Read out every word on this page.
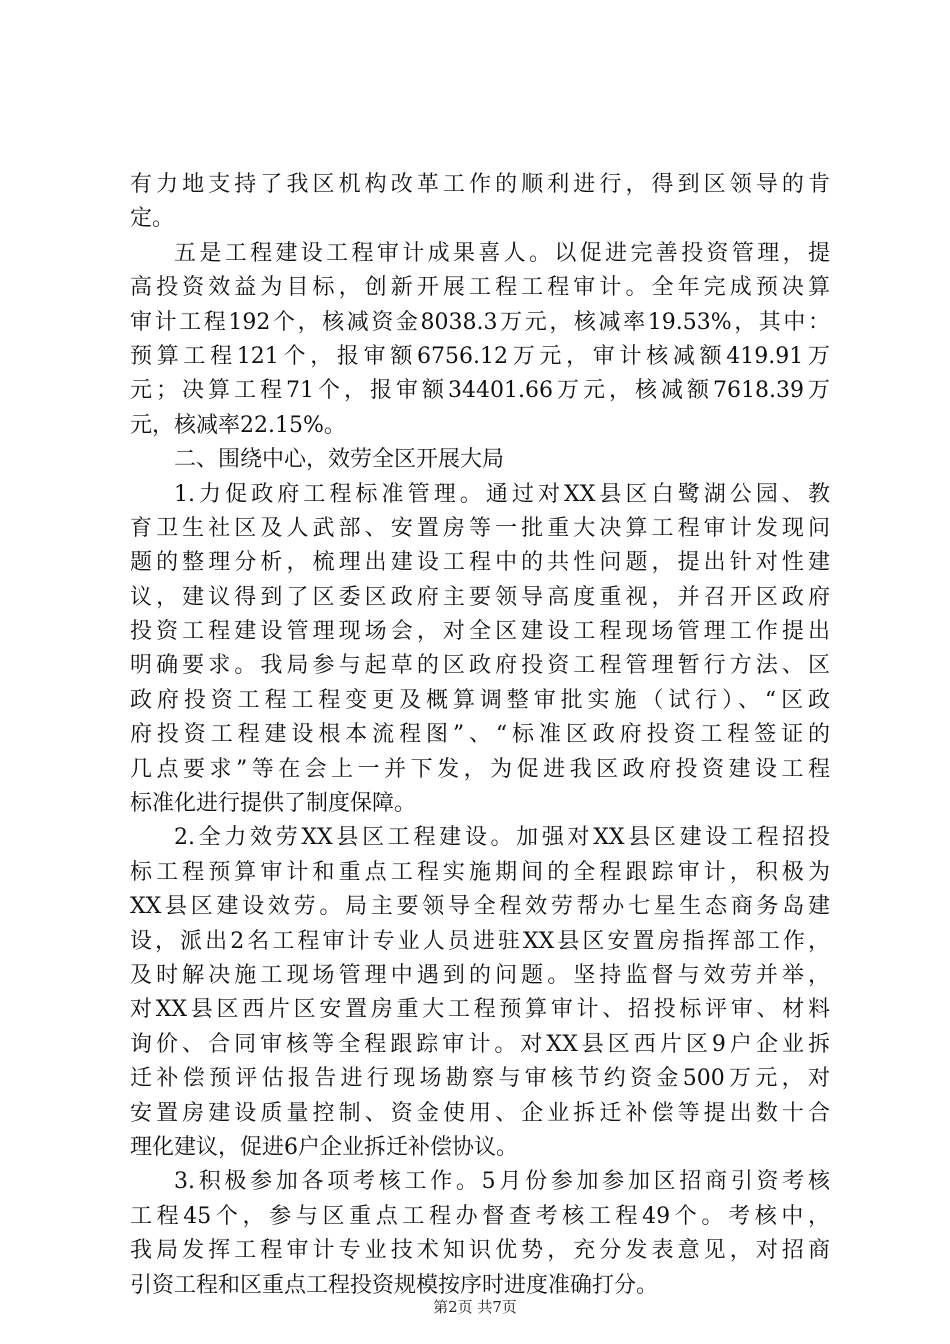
有力地支持了我区机构改革工作的顺利进行，得到区领导的肯
定。
五是工程建设工程审计成果喜人。以促进完善投资管理，提
高投资效益为目标，创新开展工程工程审计。全年完成预决算
审计工程192个，核减资金8038.3万元，核减率19.53%，其中：
预算工程121个，报审额6756.12万元，审计核减额419.91万
元；决算工程71个，报审额34401.66万元，核减额7618.39万
元，核减率22.15%。
二、围绕中心，效劳全区开展大局
1.力促政府工程标准管理。通过对XX县区白鹭湖公园、教
育卫生社区及人武部、安置房等一批重大决算工程审计发现问
题的整理分析，梳理出建设工程中的共性问题，提出针对性建
议，建议得到了区委区政府主要领导高度重视，并召开区政府
投资工程建设管理现场会，对全区建设工程现场管理工作提出
明确要求。我局参与起草的区政府投资工程管理暂行方法、区
政府投资工程工程变更及概算调整审批实施（试行）、“区政
府投资工程建设根本流程图”、“标准区政府投资工程签证的
几点要求”等在会上一并下发，为促进我区政府投资建设工程
标准化进行提供了制度保障。
2.全力效劳XX县区工程建设。加强对XX县区建设工程招投
标工程预算审计和重点工程实施期间的全程跟踪审计，积极为
XX县区建设效劳。局主要领导全程效劳帮办七星生态商务岛建
设，派出2名工程审计专业人员进驻XX县区安置房指挥部工作，
及时解决施工现场管理中遇到的问题。坚持监督与效劳并举，
对XX县区西片区安置房重大工程预算审计、招投标评审、材料
询价、合同审核等全程跟踪审计。对XX县区西片区9户企业拆
迁补偿预评估报告进行现场勘察与审核节约资金500万元，对
安置房建设质量控制、资金使用、企业拆迁补偿等提出数十合
理化建议，促进6户企业拆迁补偿协议。
3.积极参加各项考核工作。5月份参加参加区招商引资考核
工程45个，参与区重点工程办督查考核工程49个。考核中，
我局发挥工程审计专业技术知识优势，充分发表意见，对招商
引资工程和区重点工程投资规模按序时进度准确打分。
第2页 共7页
